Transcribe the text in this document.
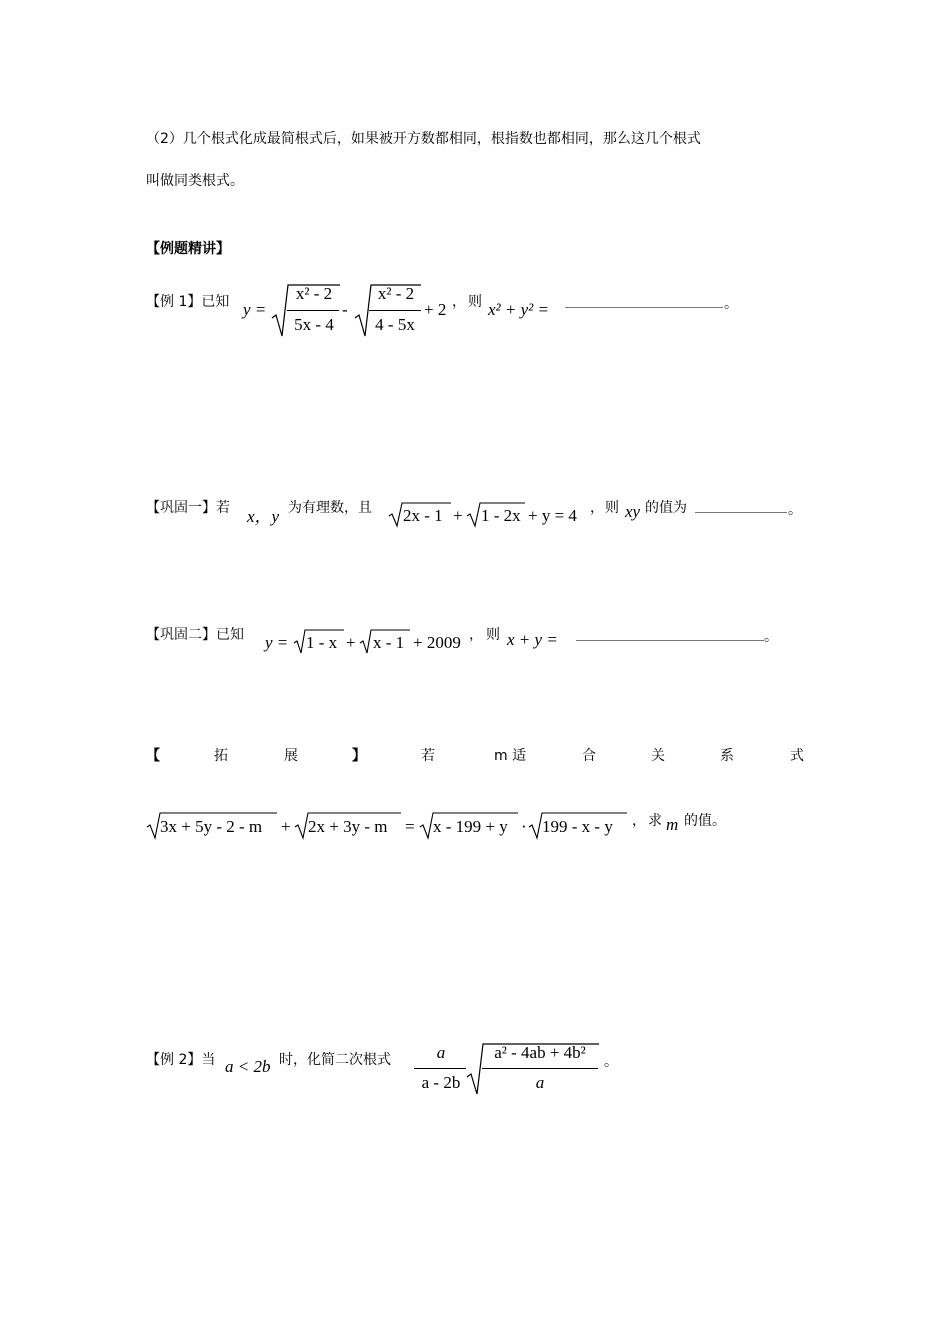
（2）几个根式化成最简根式后，如果被开方数都相同，根指数也都相同，那么这几个根式
叫做同类根式。
【例题精讲】
【例 1】已知 y =
x² - 2
5x - 4
-
x² - 2
4 - 5x
+ 2 ， 则 x² + y² =	。
【巩固一】若 x，y 为有理数，且 2x - 1 + 1 - 2x + y = 4 ， 则 xy 的值为	。
【巩固二】已知 y = 1 - x + x - 1 + 2009 ， 则 x + y =	。
【	拓	展	】	若	m 适	合	关	系	式
3x + 5y - 2 - m + 2x + 3y - m = x - 199 + y · 199 - x - y ， 求 m 的值。
【例 2】当 a < 2b 时，化简二次根式	a
a - 2b
a² - 4ab + 4b²
a
。
